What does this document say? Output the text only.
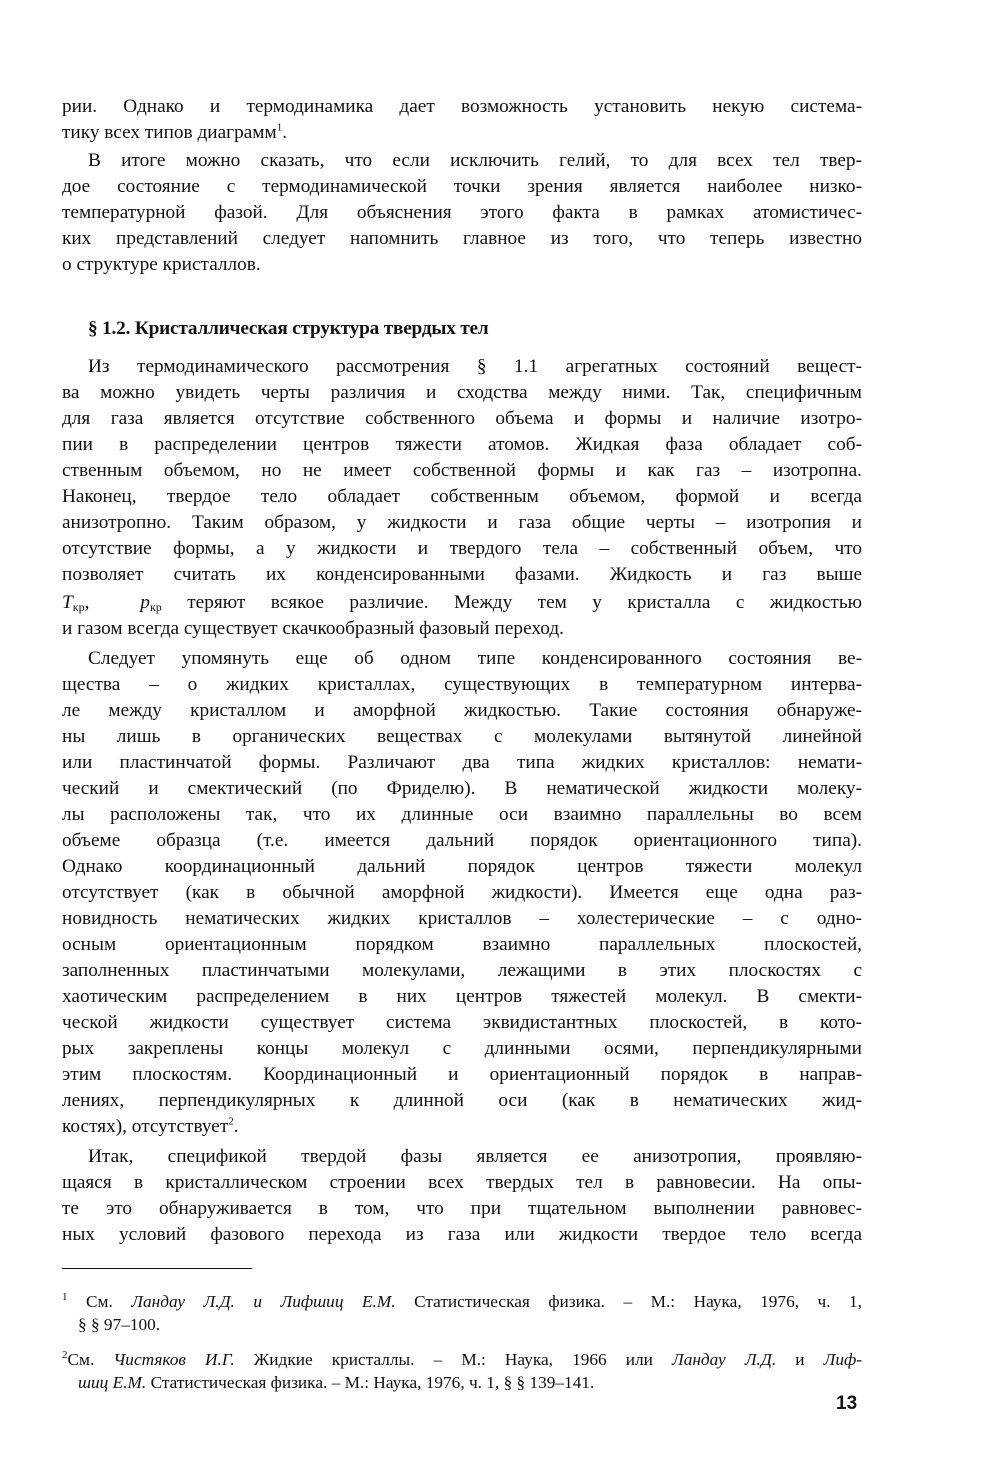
рии. Однако и термодинамика дает возможность установить некую система-
тику всех типов диаграмм$^1$.
В итоге можно сказать, что если исключить гелий, то для всех тел твер-
дое состояние с термодинамической точки зрения является наиболее низко-
температурной фазой. Для объяснения этого факта в рамках атомистичес-
ких представлений следует напомнить главное из того, что теперь известно
о структуре кристаллов.
§ 1.2. Кристаллическая структура твердых тел
Из термодинамического рассмотрения § 1.1 агрегатных состояний вещест-
ва можно увидеть черты различия и сходства между ними. Так, специфичным
для газа является отсутствие собственного объема и формы и наличие изотро-
пии в распределении центров тяжести атомов. Жидкая фаза обладает соб-
ственным объемом, но не имеет собственной формы и как газ – изотропна.
Наконец, твердое тело обладает собственным объемом, формой и всегда
анизотропно. Таким образом, у жидкости и газа общие черты – изотропия и
отсутствие формы, а у жидкости и твердого тела – собственный объем, что
позволяет считать их конденсированными фазами. Жидкость и газ выше
$T_{кр}$,	$p_{кр}$ теряют всякое различие. Между тем у кристалла с жидкостью
и газом всегда существует скачкообразный фазовый переход.
Следует упомянуть еще об одном типе конденсированного состояния ве-
щества – о жидких кристаллах, существующих в температурном интерва-
ле между кристаллом и аморфной жидкостью. Такие состояния обнаруже-
ны лишь в органических веществах с молекулами вытянутой линейной
или пластинчатой формы. Различают два типа жидких кристаллов: немати-
ческий и смектический (по Фриделю). В нематической жидкости молеку-
лы расположены так, что их длинные оси взаимно параллельны во всем
объеме образца (т.е. имеется дальний порядок ориентационного типа).
Однако координационный дальний порядок центров тяжести молекул
отсутствует (как в обычной аморфной жидкости). Имеется еще одна раз-
новидность нематических жидких кристаллов – холестерические – с одно-
осным ориентационным порядком взаимно параллельных плоскостей,
заполненных пластинчатыми молекулами, лежащими в этих плоскостях с
хаотическим распределением в них центров тяжестей молекул. В смекти-
ческой жидкости существует система эквидистантных плоскостей, в кото-
рых закреплены концы молекул с длинными осями, перпендикулярными
этим плоскостям. Координационный и ориентационный порядок в направ-
лениях, перпендикулярных к длинной оси (как в нематических жид-
костях), отсутствует$^2$.
Итак, спецификой твердой фазы является ее анизотропия, проявляю-
щаяся в кристаллическом строении всех твердых тел в равновесии. На опы-
те это обнаруживается в том, что при тщательном выполнении равновес-
ных условий фазового перехода из газа или жидкости твердое тело всегда
$^1$ См. Ландау Л.Д. и Лифшиц Е.М. Статистическая физика. – М.: Наука, 1976, ч. 1,
§ § 97–100.
$^2$См. Чистяков И.Г. Жидкие кристаллы. – М.: Наука, 1966 или Ландау Л.Д. и Лиф-
шиц Е.М. Статистическая физика. – М.: Наука, 1976, ч. 1, § § 139–141.
13
